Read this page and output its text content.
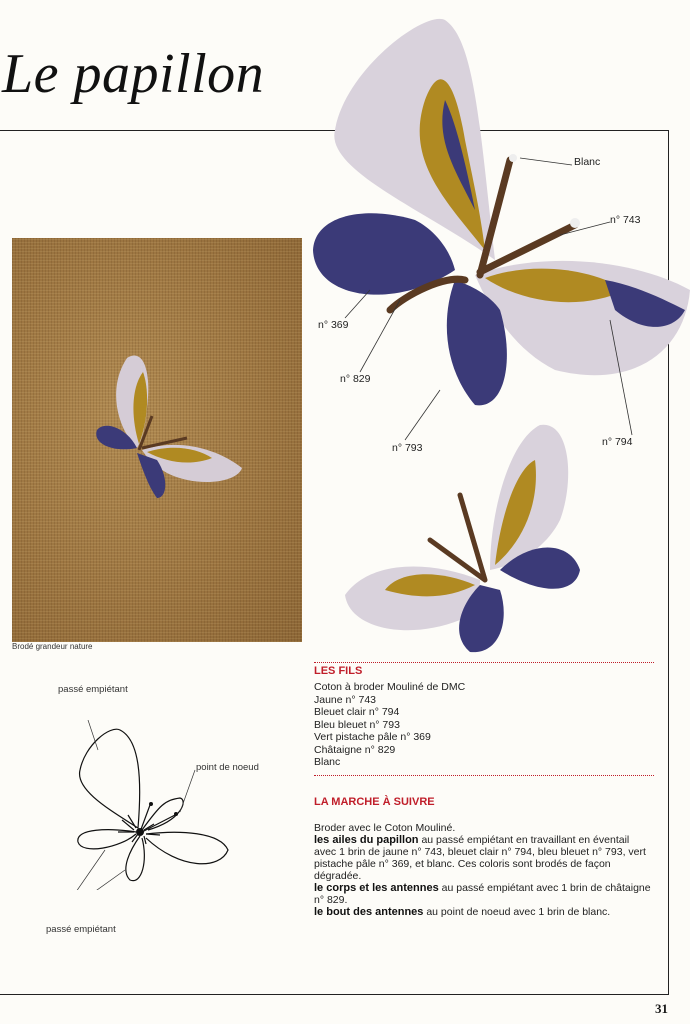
Le papillon
31
Brodé grandeur nature
Blanc
n° 743
n° 369
n° 829
n° 793	n° 794
LES FILS
Coton à broder Mouliné de DMC
Jaune n° 743
Bleuet clair n° 794
Bleu bleuet n° 793
Vert pistache pâle n° 369
Châtaigne n° 829
Blanc
LA MARCHE À SUIVRE
Broder avec le Coton Mouliné.
les ailes du papillon au passé empiétant en travaillant en éventail avec 1 brin de jaune n° 743, bleuet clair n° 794, bleu bleuet n° 793, vert pistache pâle n° 369, et blanc. Ces coloris sont brodés de façon dégradée.
le corps et les antennes au passé empiétant avec 1 brin de châtaigne n° 829.
le bout des antennes au point de noeud avec 1 brin de blanc.
passé empiétant
point de noeud
passé empiétant
